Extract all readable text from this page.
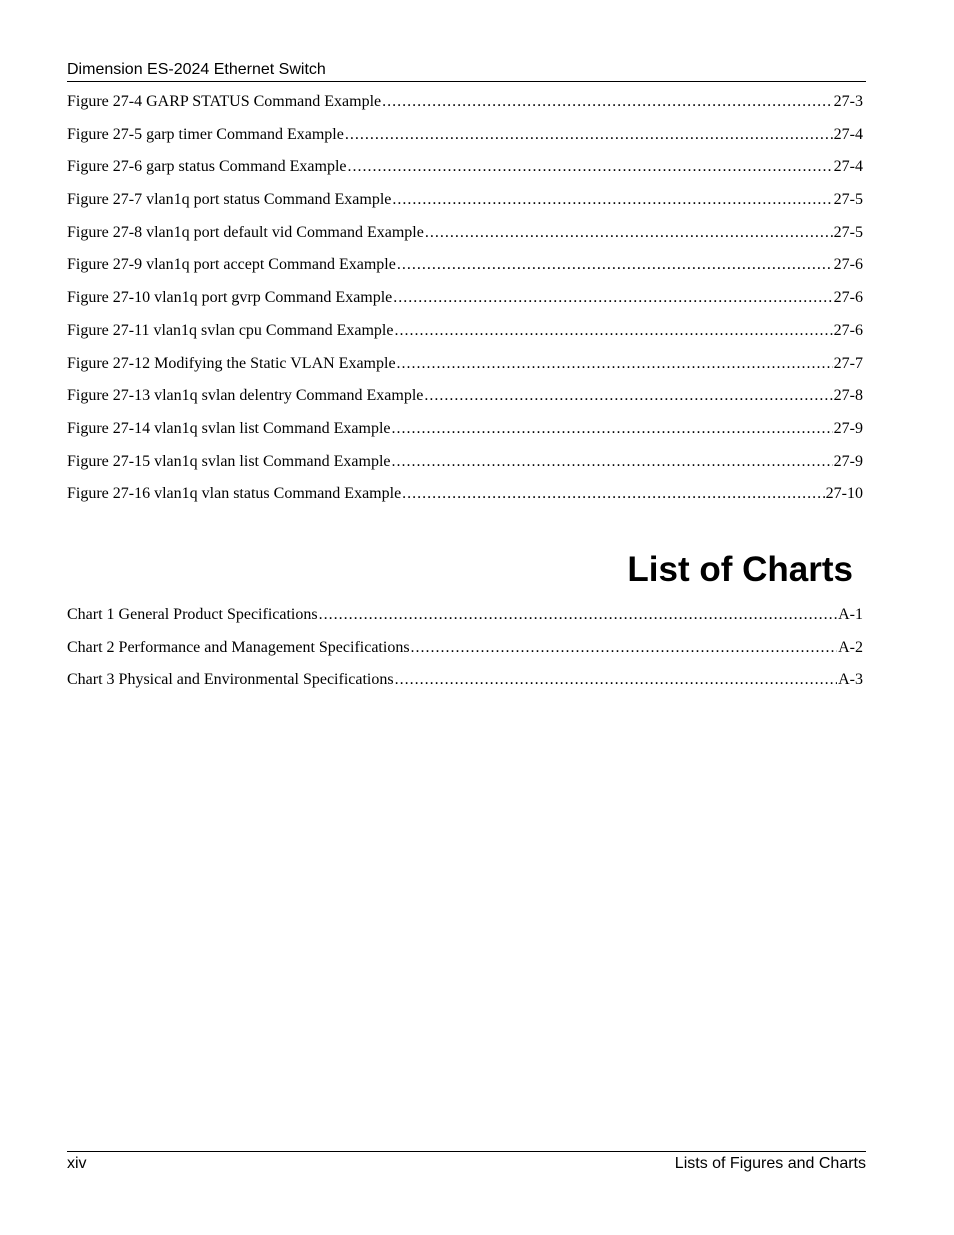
Dimension ES-2024 Ethernet Switch
Figure 27-4 GARP STATUS Command Example .....	27-3
Figure 27-5 garp timer Command Example .....	27-4
Figure 27-6 garp status Command Example .....	27-4
Figure 27-7 vlan1q port status Command Example .....	27-5
Figure 27-8 vlan1q port default vid Command Example .....	27-5
Figure 27-9 vlan1q port accept Command Example .....	27-6
Figure 27-10 vlan1q port gvrp Command Example .....	27-6
Figure 27-11 vlan1q svlan cpu Command Example .....	27-6
Figure 27-12 Modifying the Static VLAN Example .....	27-7
Figure 27-13 vlan1q svlan delentry Command Example .....	27-8
Figure 27-14 vlan1q svlan list Command Example .....	27-9
Figure 27-15 vlan1q svlan list Command Example .....	27-9
Figure 27-16 vlan1q vlan status Command Example .....	27-10
List of Charts
Chart 1 General Product Specifications .....	A-1
Chart 2 Performance and Management Specifications .....	A-2
Chart 3 Physical and Environmental Specifications .....	A-3
xiv	Lists of Figures and Charts
